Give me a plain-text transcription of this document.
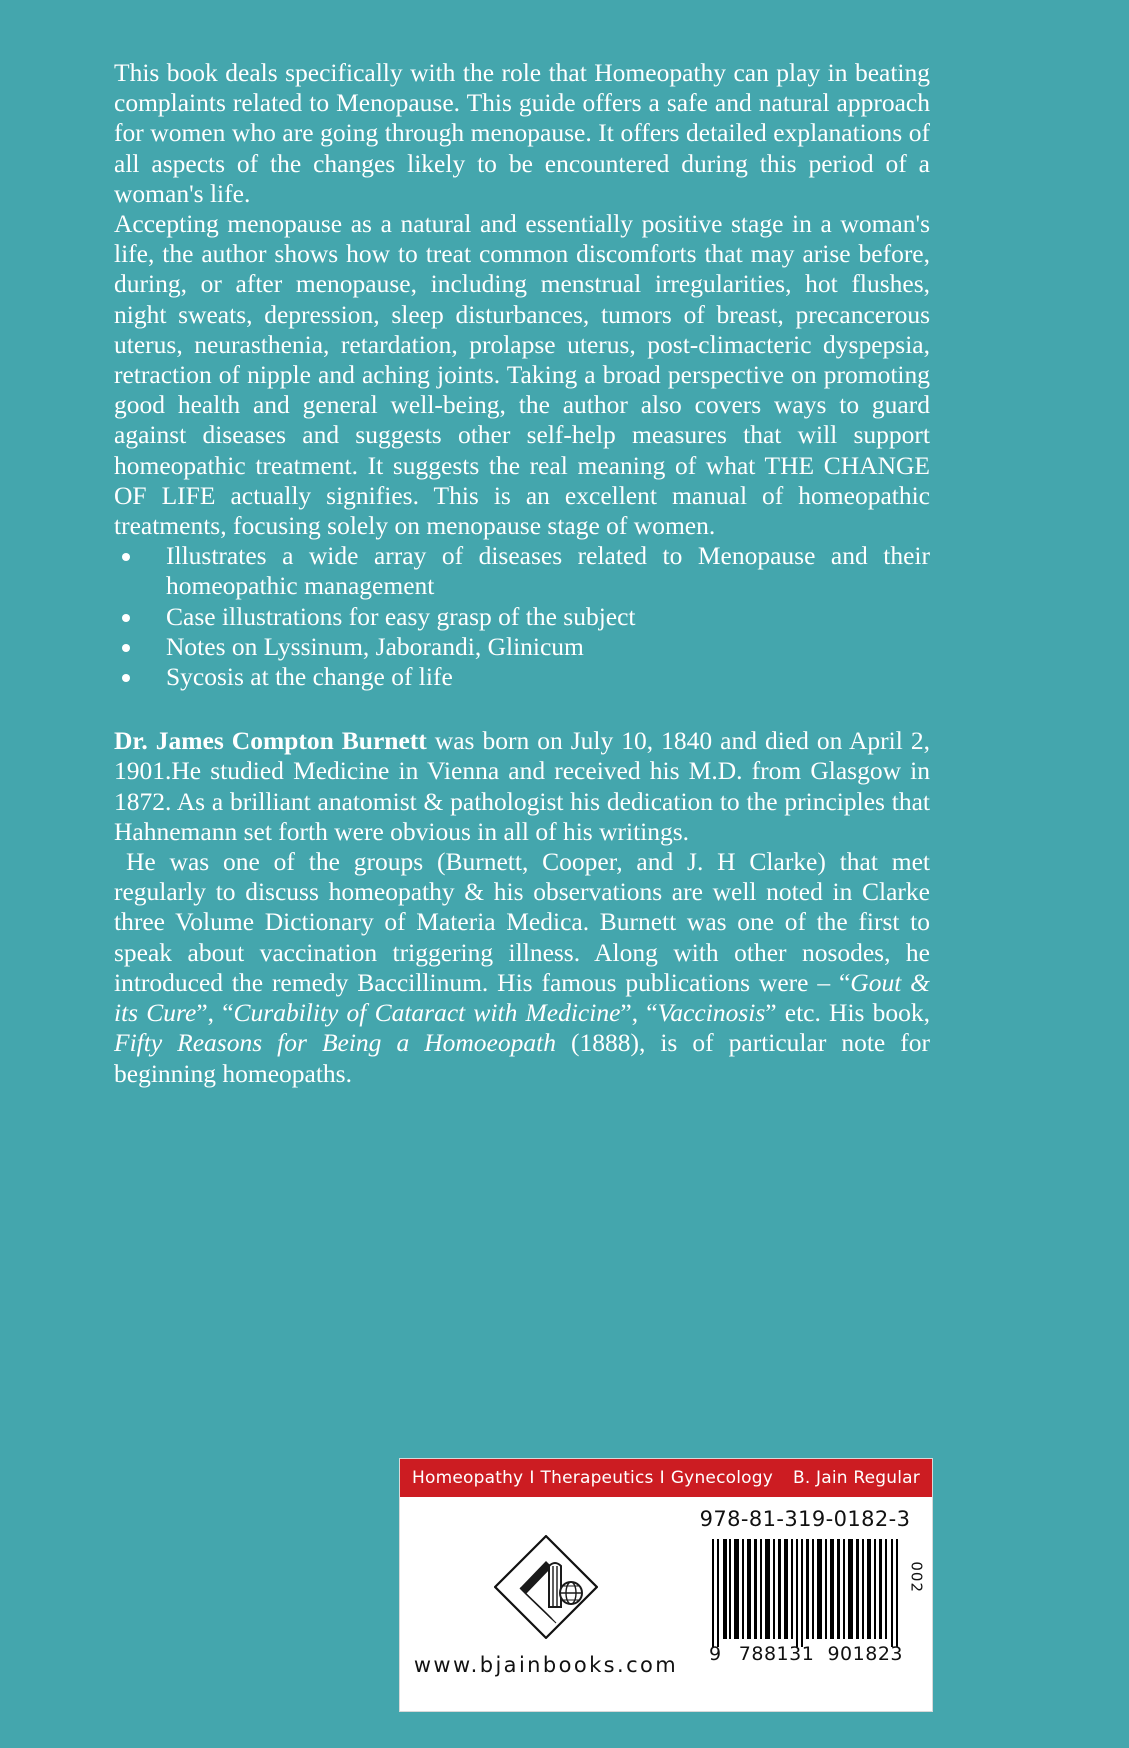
This book deals specifically with the role that Homeopathy can play in beating complaints related to Menopause. This guide offers a safe and natural approach for women who are going through menopause. It offers detailed explanations of all aspects of the changes likely to be encountered during this period of a woman's life.

Accepting menopause as a natural and essentially positive stage in a woman's life, the author shows how to treat common discomforts that may arise before, during, or after menopause, including menstrual irregularities, hot flushes, night sweats, depression, sleep disturbances, tumors of breast, precancerous uterus, neurasthenia, retardation, prolapse uterus, post-climacteric dyspepsia, retraction of nipple and aching joints. Taking a broad perspective on promoting good health and general well-being, the author also covers ways to guard against diseases and suggests other self-help measures that will support homeopathic treatment. It suggests the real meaning of what THE CHANGE OF LIFE actually signifies. This is an excellent manual of homeopathic treatments, focusing solely on menopause stage of women.

Illustrates a wide array of diseases related to Menopause and their homeopathic management
Case illustrations for easy grasp of the subject
Notes on Lyssinum, Jaborandi, Glinicum
Sycosis at the change of life

Dr. James Compton Burnett was born on July 10, 1840 and died on April 2, 1901.He studied Medicine in Vienna and received his M.D. from Glasgow in 1872. As a brilliant anatomist & pathologist his dedication to the principles that Hahnemann set forth were obvious in all of his writings.

He was one of the groups (Burnett, Cooper, and J. H Clarke) that met regularly to discuss homeopathy & his observations are well noted in Clarke three Volume Dictionary of Materia Medica. Burnett was one of the first to speak about vaccination triggering illness. Along with other nosodes, he introduced the remedy Baccillinum. His famous publications were – “Gout & its Cure”, “Curability of Cataract with Medicine”, “Vaccinosis” etc. His book, Fifty Reasons for Being a Homoeopath (1888), is of particular note for beginning homeopaths.

Homeopathy I Therapeutics I Gynecology B. Jain Regular
www.bjainbooks.com
978-81-319-0182-3
9 788131 901823
002
